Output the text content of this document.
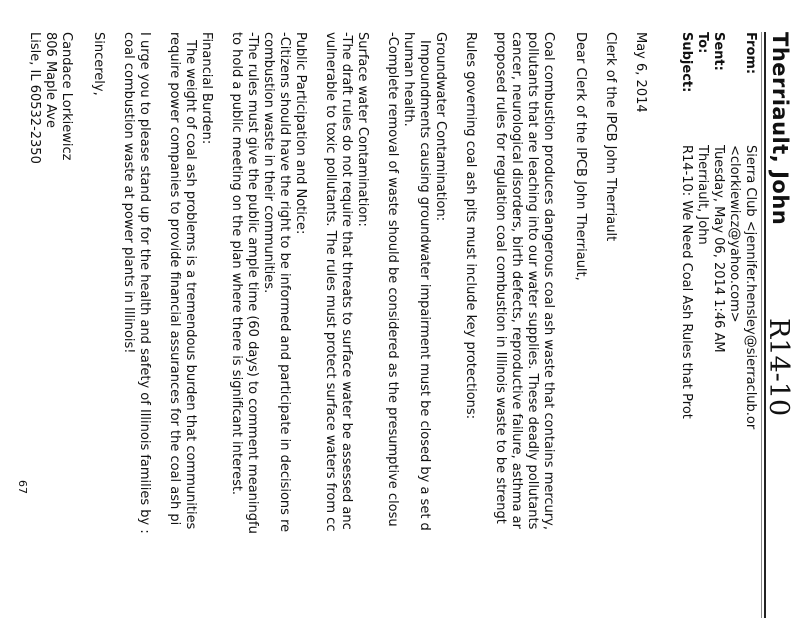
Therriault, John
R14-10
From:
Sierra Club <jennifer.hensley@sierraclub.or
<clorkiewicz@yahoo.com>
Sent:
Tuesday, May 06, 2014 1:46 AM
To:
Therriault, John
Subject:
R14-10: We Need Coal Ash Rules that Prot
May 6, 2014
Clerk of the IPCB John Therriault
Dear Clerk of the IPCB John Therriault,
Coal combustion produces dangerous coal ash waste that contains mercury,
pollutants that are leaching into our water supplies. These deadly pollutants
cancer, neurological disorders, birth defects, reproductive failure, asthma ar
proposed rules for regulation coal combustion in Illinois waste to be strengt
Rules governing coal ash pits must include key protections:
Groundwater Contamination:
Impoundments causing groundwater impairment must be closed by a set d
human health.
-Complete removal of waste should be considered as the presumptive closu
Surface water Contamination:
-The draft rules do not require that threats to surface water be assessed anc
vulnerable to toxic pollutants. The rules must protect surface waters from cc
Public Participation and Notice:
-Citizens should have the right to be informed and participate in decisions re
combustion waste in their communities.
-The rules must give the public ample time (60 days) to comment meaningfu
to hold a public meeting on the plan where there is significant interest.
Financial Burden:
The weight of coal ash problems is a tremendous burden that communities
require power companies to provide financial assurances for the coal ash pi
I urge you to please stand up for the health and safety of Illinois families by :
coal combustion waste at power plants in Illinois!
Sincerely,
Candace Lorkiewicz
806 Maple Ave
Lisle, IL 60532-2350
67
